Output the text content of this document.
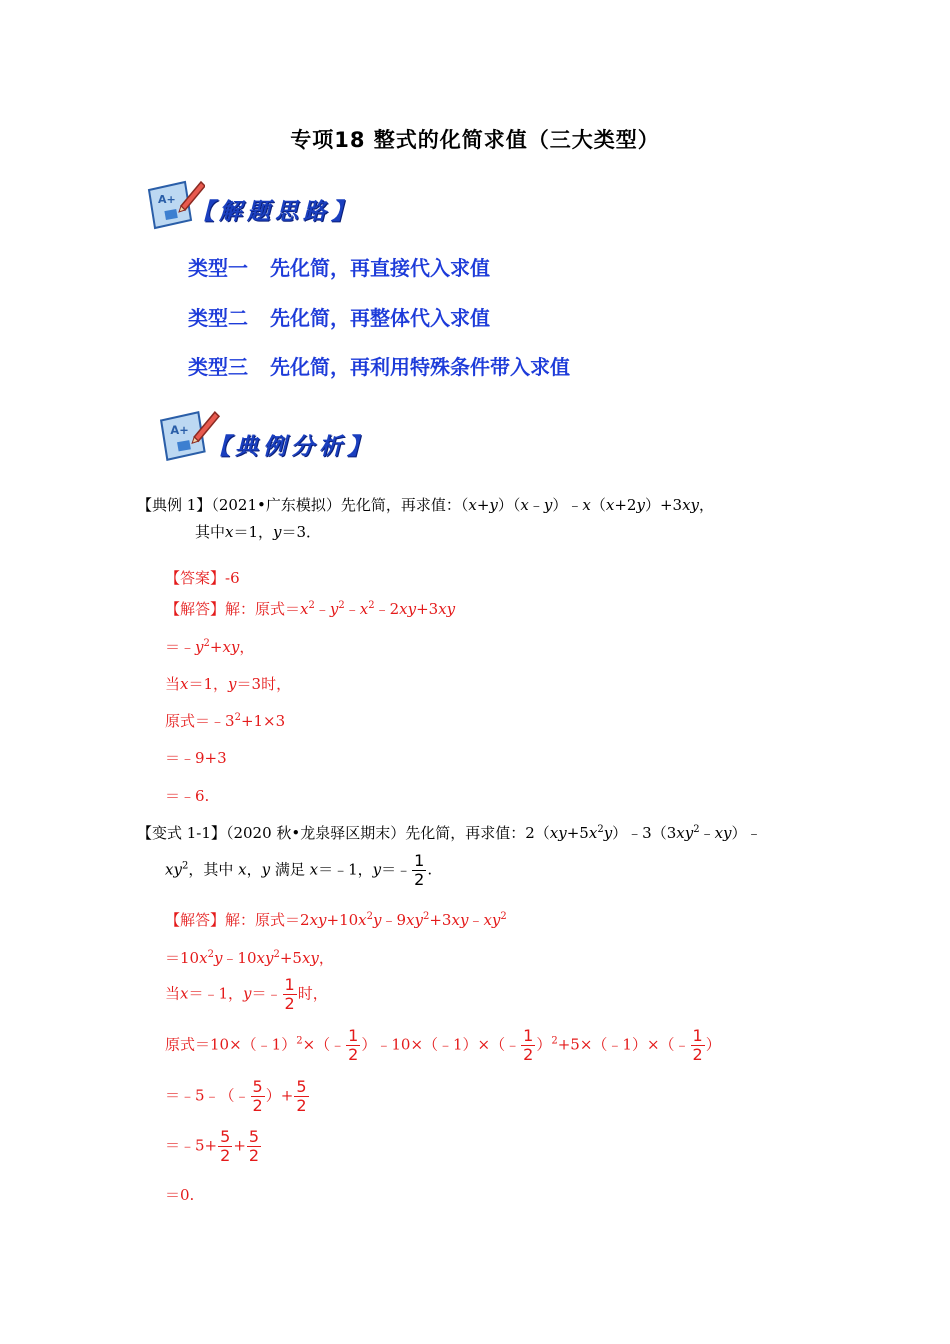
专项18 整式的化简求值（三大类型）
A+ 【解题思路】
类型一 先化简，再直接代入求值
类型二 先化简，再整体代入求值
类型三 先化简，再利用特殊条件带入求值
A+
【典例分析】
【典例 1】（2021•广东模拟）先化简，再求值：（x+y）（x﹣y）﹣x（x+2y）+3xy，
其中x＝1，y＝3．
【答案】-6
【解答】解：原式$=x^2﹣y^2﹣x^2﹣2xy+3xy$
$=﹣y^2+xy$，
当x＝1，y＝3时，
原式$=﹣3^2+1\times 3$
＝﹣9+3
＝﹣6.
【变式 1-1】（2020 秋•龙泉驿区期末）先化简，再求值：$2(xy+5x^2y)﹣3(3xy^2﹣xy)﹣$
$xy^2$，其中 x，y 满足 x＝﹣1，y＝﹣ $\frac{1}{2}$ .
【解答】解：原式$=2xy+10x^2y﹣9xy^2+3xy﹣xy^2$
$=10x^2y﹣10xy^2+5xy$，
当x＝﹣1，y＝﹣ $\frac{1}{2}$ 时，
原式＝10×（﹣1）$^2$×（﹣ $\frac{1}{2}$ ）﹣10×（﹣1）×（﹣ $\frac{1}{2}$ ）$^2$+5×（﹣1）×（﹣ $\frac{1}{2}$ ）
＝﹣5﹣（﹣ $\frac{5}{2}$ ）+ $\frac{5}{2}$
＝﹣5+ $\frac{5}{2} + \frac{5}{2}$
＝0.
